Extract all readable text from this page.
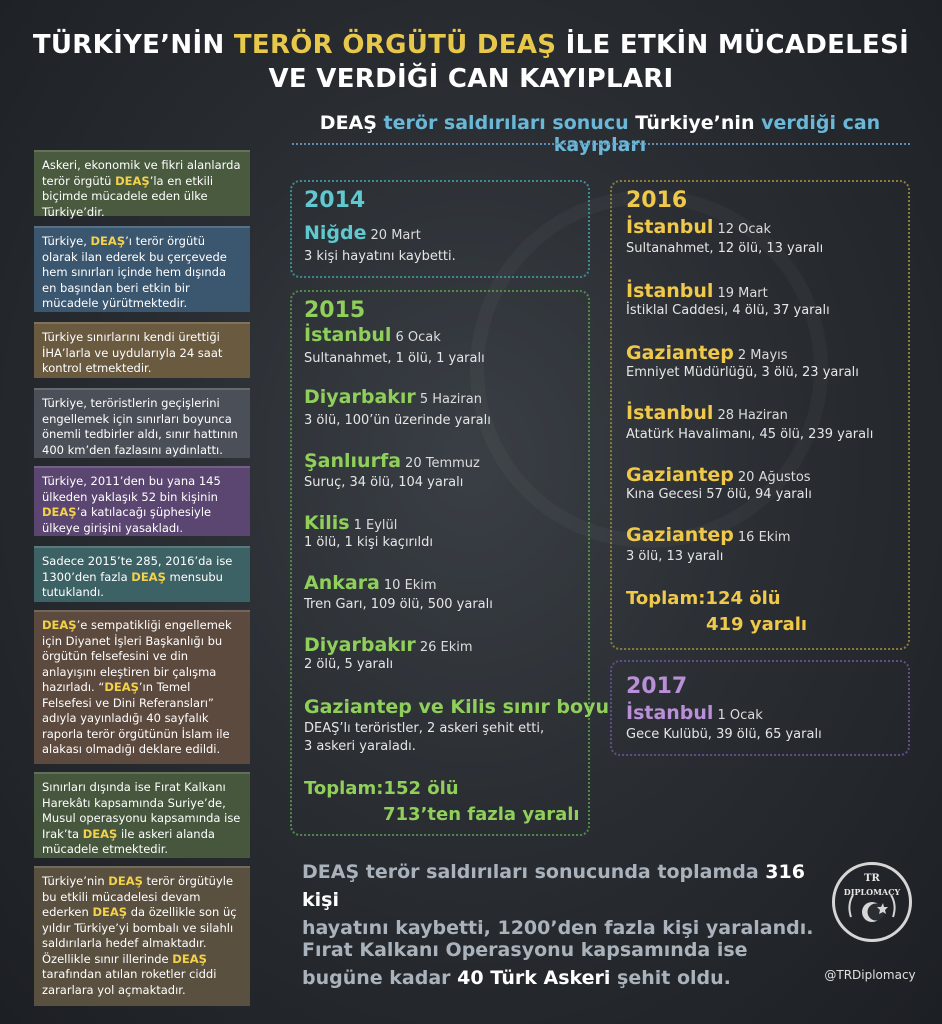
TÜRKİYE’NİN TERÖR ÖRGÜTÜ DEAŞ İLE ETKİN MÜCADELESİ
VE VERDİĞİ CAN KAYIPLARI
DEAŞ terör saldırıları sonucu Türkiye’nin verdiği can kayıpları
Askeri, ekonomik ve fikri alanlarda terör örgütü DEAŞ’la en etkili biçimde mücadele eden ülke Türkiye’dir.
Türkiye, DEAŞ’ı terör örgütü olarak ilan ederek bu çerçevede hem sınırları içinde hem dışında en başından beri etkin bir mücadele yürütmektedir.
Türkiye sınırlarını kendi ürettiği İHA’larla ve uydularıyla 24 saat kontrol etmektedir.
Türkiye, teröristlerin geçişlerini engellemek için sınırları boyunca önemli tedbirler aldı, sınır hattının 400 km’den fazlasını aydınlattı.
Türkiye, 2011’den bu yana 145 ülkeden yaklaşık 52 bin kişinin DEAŞ’a katılacağı şüphesiyle ülkeye girişini yasakladı.
Sadece 2015’te 285, 2016’da ise 1300’den fazla DEAŞ mensubu tutuklandı.
DEAŞ’e sempatikliği engellemek için Diyanet İşleri Başkanlığı bu örgütün felsefesini ve din anlayışını eleştiren bir çalışma hazırladı. “DEAŞ’ın Temel Felsefesi ve Dini Referansları” adıyla yayınladığı 40 sayfalık raporla terör örgütünün İslam ile alakası olmadığı deklare edildi.
Sınırları dışında ise Fırat Kalkanı Harekâtı kapsamında Suriye’de, Musul operasyonu kapsamında ise Irak’ta DEAŞ ile askeri alanda mücadele etmektedir.
Türkiye’nin DEAŞ terör örgütüyle bu etkili mücadelesi devam ederken DEAŞ da özellikle son üç yıldır Türkiye’yi bombalı ve silahlı saldırılarla hedef almaktadır. Özellikle sınır illerinde DEAŞ tarafından atılan roketler ciddi zararlara yol açmaktadır.
2014
Niğde 20 Mart
3 kişi hayatını kaybetti.
2015
İstanbul 6 Ocak
Sultanahmet, 1 ölü, 1 yaralı
Diyarbakır 5 Haziran
3 ölü, 100’ün üzerinde yaralı
Şanlıurfa 20 Temmuz
Suruç, 34 ölü, 104 yaralı
Kilis 1 Eylül
1 ölü, 1 kişi kaçırıldı
Ankara 10 Ekim
Tren Garı, 109 ölü, 500 yaralı
Diyarbakır 26 Ekim
2 ölü, 5 yaralı
Gaziantep ve Kilis sınır boyu
DEAŞ’lı teröristler, 2 askeri şehit etti,
3 askeri yaraladı.
Toplam:152 ölü
713’ten fazla yaralı
2016
İstanbul 12 Ocak
Sultanahmet, 12 ölü, 13 yaralı
İstanbul 19 Mart
İstiklal Caddesi, 4 ölü, 37 yaralı
Gaziantep 2 Mayıs
Emniyet Müdürlüğü, 3 ölü, 23 yaralı
İstanbul 28 Haziran
Atatürk Havalimanı, 45 ölü, 239 yaralı
Gaziantep 20 Ağustos
Kına Gecesi 57 ölü, 94 yaralı
Gaziantep 16 Ekim
3 ölü, 13 yaralı
Toplam:124 ölü
419 yaralı
2017
İstanbul 1 Ocak
Gece Kulübü, 39 ölü, 65 yaralı
DEAŞ terör saldırıları sonucunda toplamda 316 kişi
hayatını kaybetti, 1200’den fazla kişi yaralandı.
Fırat Kalkanı Operasyonu kapsamında ise
bugüne kadar 40 Türk Askeri şehit oldu.
TR
DIPLOMACY
@TRDiplomacy
